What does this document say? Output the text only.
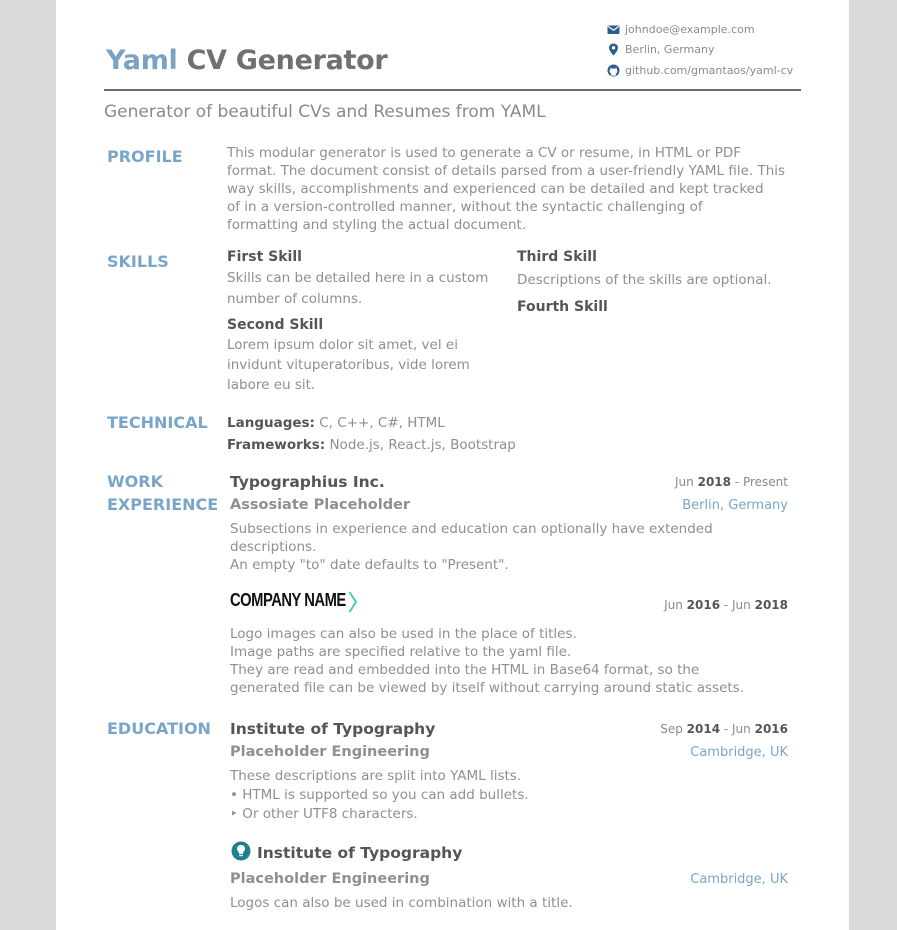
Yaml CV Generator
johndoe@example.com
Berlin, Germany
github.com/gmantaos/yaml-cv
Generator of beautiful CVs and Resumes from YAML
PROFILE	This modular generator is used to generate a CV or resume, in HTML or PDF
format. The document consist of details parsed from a user-friendly YAML file. This
way skills, accomplishments and experienced can be detailed and kept tracked
of in a version-controlled manner, without the syntactic challenging of
formatting and styling the actual document.
SKILLS	First Skill
Skills can be detailed here in a custom
number of columns.
Second Skill
Lorem ipsum dolor sit amet, vel ei
invidunt vituperatoribus, vide lorem
labore eu sit.
Third Skill
Descriptions of the skills are optional.
Fourth Skill
TECHNICAL Languages: C, C++, C#, HTML
Frameworks: Node.js, React.js, Bootstrap
WORK
EXPERIENCE
Typographius Inc.	Jun 2018 - Present
Assosiate Placeholder	Berlin, Germany
Subsections in experience and education can optionally have extended
descriptions.
An empty "to" date defaults to "Present".
COMPANY NAME	Jun 2016 - Jun 2018
Logo images can also be used in the place of titles.
Image paths are specified relative to the yaml file.
They are read and embedded into the HTML in Base64 format, so the
generated file can be viewed by itself without carrying around static assets.
EDUCATION Institute of Typography	Sep 2014 - Jun 2016
Placeholder Engineering	Cambridge, UK
These descriptions are split into YAML lists.
• HTML is supported so you can add bullets.
‣ Or other UTF8 characters.
Institute of Typography
Placeholder Engineering	Cambridge, UK
Logos can also be used in combination with a title.
